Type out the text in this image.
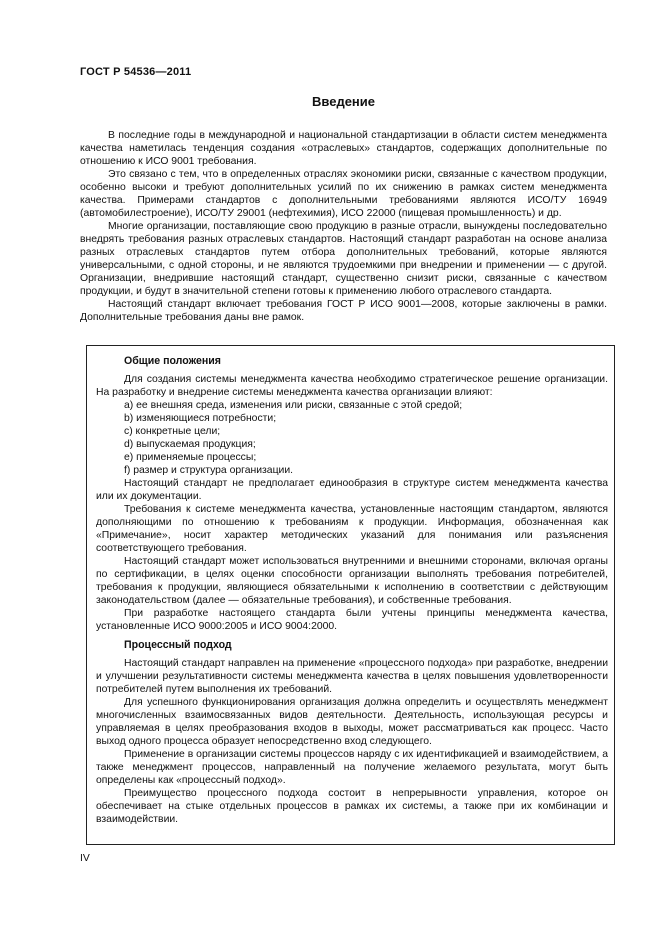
ГОСТ Р 54536—2011
Введение

В последние годы в международной и национальной стандартизации в области систем менеджмента качества наметилась тенденция создания «отраслевых» стандартов, содержащих дополнительные по отношению к ИСО 9001 требования.

Это связано с тем, что в определенных отраслях экономики риски, связанные с качеством продукции, особенно высоки и требуют дополнительных усилий по их снижению в рамках систем менеджмента качества. Примерами стандартов с дополнительными требованиями являются ИСО/ТУ 16949 (автомобилестроение), ИСО/ТУ 29001 (нефтехимия), ИСО 22000 (пищевая промышленность) и др.

Многие организации, поставляющие свою продукцию в разные отрасли, вынуждены последовательно внедрять требования разных отраслевых стандартов. Настоящий стандарт разработан на основе анализа разных отраслевых стандартов путем отбора дополнительных требований, которые являются универсальными, с одной стороны, и не являются трудоемкими при внедрении и применении — с другой. Организации, внедрившие настоящий стандарт, существенно снизит риски, связанные с качеством продукции, и будут в значительной степени готовы к применению любого отраслевого стандарта.

Настоящий стандарт включает требования ГОСТ Р ИСО 9001—2008, которые заключены в рамки. Дополнительные требования даны вне рамок.

Общие положения

Для создания системы менеджмента качества необходимо стратегическое решение организации. На разработку и внедрение системы менеджмента качества организации влияют:

a) ее внешняя среда, изменения или риски, связанные с этой средой;
b) изменяющиеся потребности;
c) конкретные цели;
d) выпускаемая продукция;
e) применяемые процессы;
f) размер и структура организации.

Настоящий стандарт не предполагает единообразия в структуре систем менеджмента качества или их документации.

Требования к системе менеджмента качества, установленные настоящим стандартом, являются дополняющими по отношению к требованиям к продукции. Информация, обозначенная как «Примечание», носит характер методических указаний для понимания или разъяснения соответствующего требования.

Настоящий стандарт может использоваться внутренними и внешними сторонами, включая органы по сертификации, в целях оценки способности организации выполнять требования потребителей, требования к продукции, являющиеся обязательными к исполнению в соответствии с действующим законодательством (далее — обязательные требования), и собственные требования.

При разработке настоящего стандарта были учтены принципы менеджмента качества, установленные ИСО 9000:2005 и ИСО 9004:2000.

Процессный подход

Настоящий стандарт направлен на применение «процессного подхода» при разработке, внедрении и улучшении результативности системы менеджмента качества в целях повышения удовлетворенности потребителей путем выполнения их требований.

Для успешного функционирования организация должна определить и осуществлять менеджмент многочисленных взаимосвязанных видов деятельности. Деятельность, использующая ресурсы и управляемая в целях преобразования входов в выходы, может рассматриваться как процесс. Часто выход одного процесса образует непосредственно вход следующего.

Применение в организации системы процессов наряду с их идентификацией и взаимодействием, а также менеджмент процессов, направленный на получение желаемого результата, могут быть определены как «процессный подход».

Преимущество процессного подхода состоит в непрерывности управления, которое он обеспечивает на стыке отдельных процессов в рамках их системы, а также при их комбинации и взаимодействии.

IV
